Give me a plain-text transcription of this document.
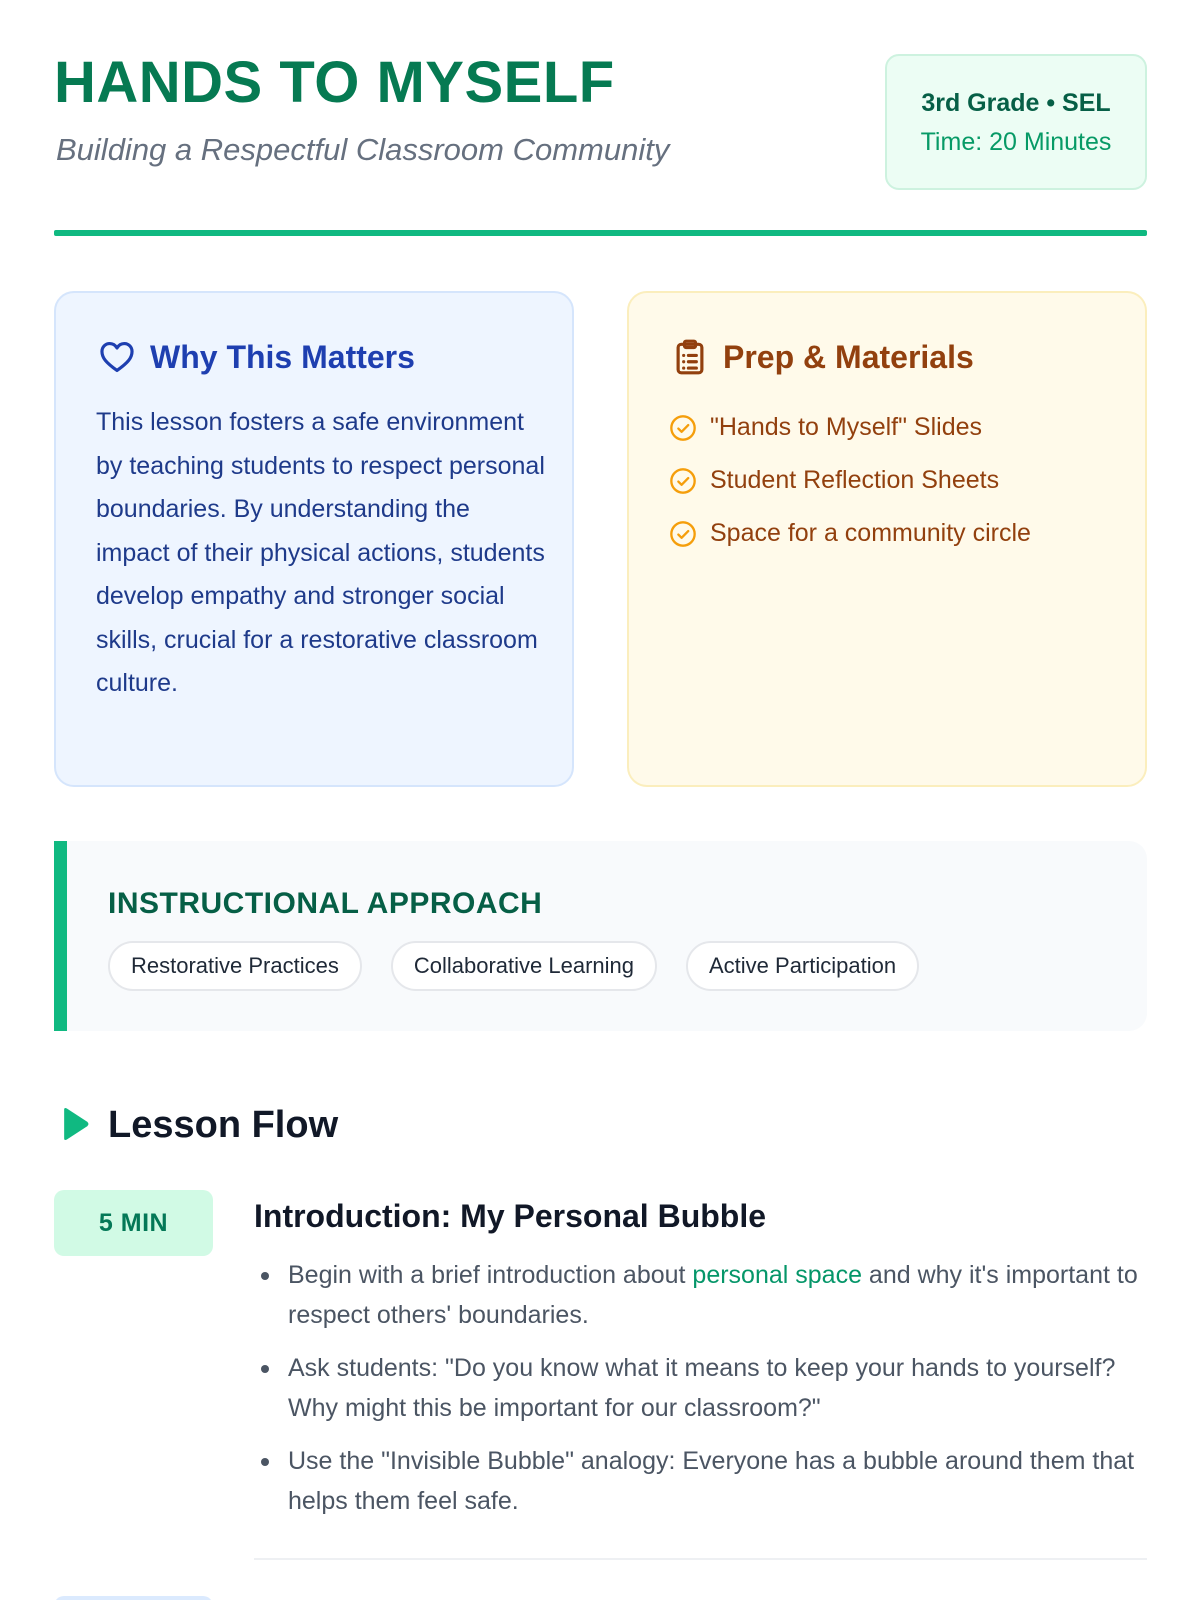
HANDS TO MYSELF
Building a Respectful Classroom Community
3rd Grade • SEL
Time: 20 Minutes
Why This Matters
This lesson fosters a safe environment by teaching students to respect personal boundaries. By understanding the impact of their physical actions, students develop empathy and stronger social skills, crucial for a restorative classroom culture.
Prep & Materials
"Hands to Myself" Slides
Student Reflection Sheets
Space for a community circle
INSTRUCTIONAL APPROACH
Restorative Practices	Collaborative Learning	Active Participation
Lesson Flow
5 MIN	Introduction: My Personal Bubble
Begin with a brief introduction about personal space and why it's important to respect others' boundaries.
Ask students: "Do you know what it means to keep your hands to yourself? Why might this be important for our classroom?"
Use the "Invisible Bubble" analogy: Everyone has a bubble around them that helps them feel safe.
